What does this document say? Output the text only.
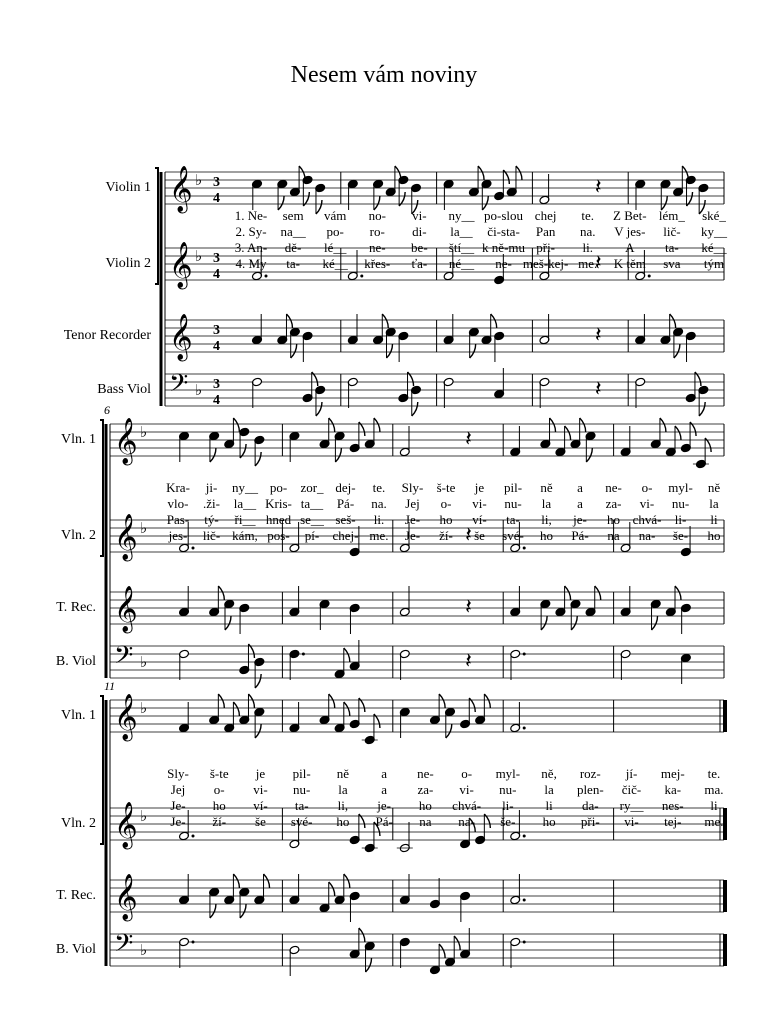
Nesem vám noviny
Violin 1
Violin 2
Tenor Recorder
Bass Viol
𝄞 ♭	𝄽
3
4
𝄞 ♭	𝄽
3
4
𝄞	𝄽
3
4
𝄢 ♭	𝄽
3
4
1. Ne- sem vám no- vi- ny__ po-slou chej te. Z Bet- lém_ ské_
2. Sy- na__ po- ro- di- la__ či-sta- Pan na. V jes- lič- ky__
3. An- dě- lé__ ne- be- ští__ k ně-mu při- li. A ta- ké__
4. My ta- ké__ křes- ťa- né__ ne- meš-kej- me. K těm sva tým
Vln. 1
Vln. 2
T. Rec.
B. Viol
𝄞 ♭	𝄽
𝄞 ♭	𝄽
𝄞	𝄽
𝄢 ♭	𝄽
6
Kra- ji- ny__ po- zor_ dej- te. Sly- š-te je pil- ně a ne- o- myl- ně
vlo- .ži- la__ Kris- ta__ Pá- na. Jej o- vi- nu- la a za- vi- nu- la
Pas- tý- ři__ hned se__ seš- li. Je- ho ví- ta- li, je- ho chvá- li- li
jes- lič- kám, pos- pí- chej- me. Je- ží- še své- ho Pá- na na- še- ho
Vln. 1
Vln. 2
T. Rec.
B. Viol
𝄞 ♭
𝄞 ♭
𝄞
𝄢 ♭
11
Sly- š-te je pil- ně a ne- o- myl- ně, roz- jí- mej- te.
Jej o- vi- nu- la	a za- vi- nu- la plen- čič- ka- ma.
Je- ho ví- ta- li, je- ho chvá- li- li da- ry__ nes- li
Je- ží- še své- ho Pá- na na- še- ho při- vi- tej- me.
